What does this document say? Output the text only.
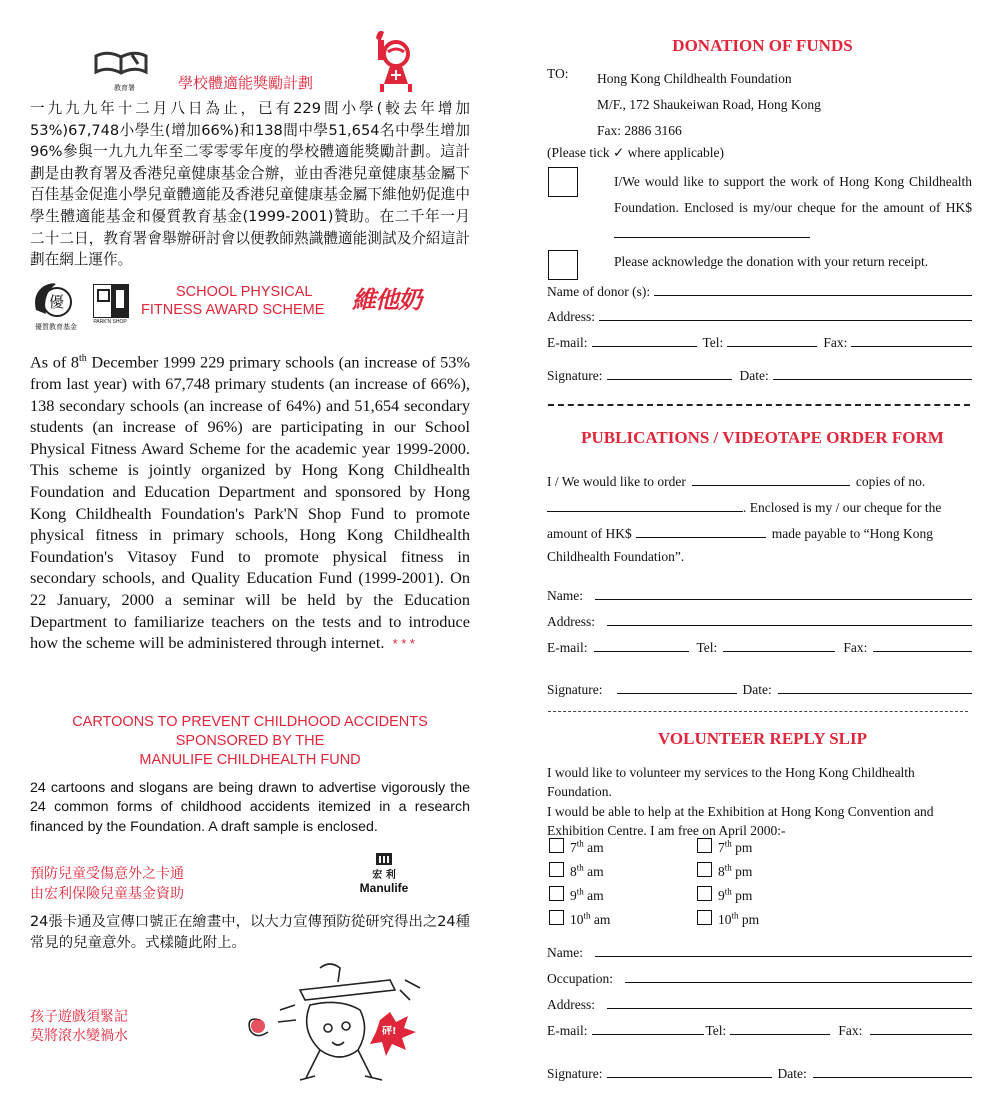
教育署	學校體適能獎勵計劃
一九九九年十二月八日為止，已有229間小學(較去年增加53%)67,748小學生(增加66%)和138間中學51,654名中學生增加96%參與一九九九年至二零零零年度的學校體適能獎勵計劃。這計劃是由教育署及香港兒童健康基金合辦，並由香港兒童健康基金屬下百佳基金促進小學兒童體適能及香港兒童健康基金屬下維他奶促進中學生體適能基金和優質教育基金(1999-2001)贊助。在二千年一月二十二日，教育署會舉辦研討會以便教師熟識體適能測試及介紹這計劃在網上運作。
優
優質教育基金
PARK'N SHOP
SCHOOL PHYSICAL
FITNESS AWARD SCHEME 維他奶
As of 8th December 1999 229 primary schools (an increase of 53% from last year) with 67,748 primary students (an increase of 66%), 138 secondary schools (an increase of 64%) and 51,654 secondary students (an increase of 96%) are participating in our School Physical Fitness Award Scheme for the academic year 1999-2000. This scheme is jointly organized by Hong Kong Childhealth Foundation and Education Department and sponsored by Hong Kong Childhealth Foundation's Park'N Shop Fund to promote physical fitness in primary schools, Hong Kong Childhealth Foundation's Vitasoy Fund to promote physical fitness in secondary schools, and Quality Education Fund (1999-2001). On 22 January, 2000 a seminar will be held by the Education Department to familiarize teachers on the tests and to introduce how the scheme will be administered through internet. * * *
CARTOONS TO PREVENT CHILDHOOD ACCIDENTS
SPONSORED BY THE
MANULIFE CHILDHEALTH FUND
24 cartoons and slogans are being drawn to advertise vigorously the 24 common forms of childhood accidents itemized in a research financed by the Foundation. A draft sample is enclosed.
預防兒童受傷意外之卡通
由宏利保險兒童基金資助
宏 利
Manulife
24張卡通及宣傳口號正在繪畫中，以大力宣傳預防從研究得出之24種常見的兒童意外。式樣隨此附上。
孩子遊戲須緊記
莫將滾水變禍水	砰!
DONATION OF FUNDS
TO: Hong Kong Childhealth Foundation
M/F., 172 Shaukeiwan Road, Hong Kong
Fax: 2886 3166
(Please tick ✓ where applicable)
I/We would like to support the work of Hong Kong Childhealth Foundation. Enclosed is my/our cheque for the amount of HK$
Please acknowledge the donation with your return receipt.
Name of donor (s):
Address:
E-mail:	Tel:	Fax:
Signature:	Date:
PUBLICATIONS / VIDEOTAPE ORDER FORM
I / We would like to order	copies of no.
. Enclosed is my / our cheque for the
amount of HK$	made payable to “Hong Kong
Childhealth Foundation”.
Name:
Address:
E-mail:	Tel:	Fax:
Signature:	Date:
VOLUNTEER REPLY SLIP
I would like to volunteer my services to the Hong Kong Childhealth Foundation.
I would be able to help at the Exhibition at Hong Kong Convention and Exhibition Centre. I am free on April 2000:-
7th am	7th pm
8th am	8th pm
9th am	9th pm
10th am	10th pm
Name:
Occupation:
Address:
E-mail:	Tel:	Fax:
Signature:	Date:
